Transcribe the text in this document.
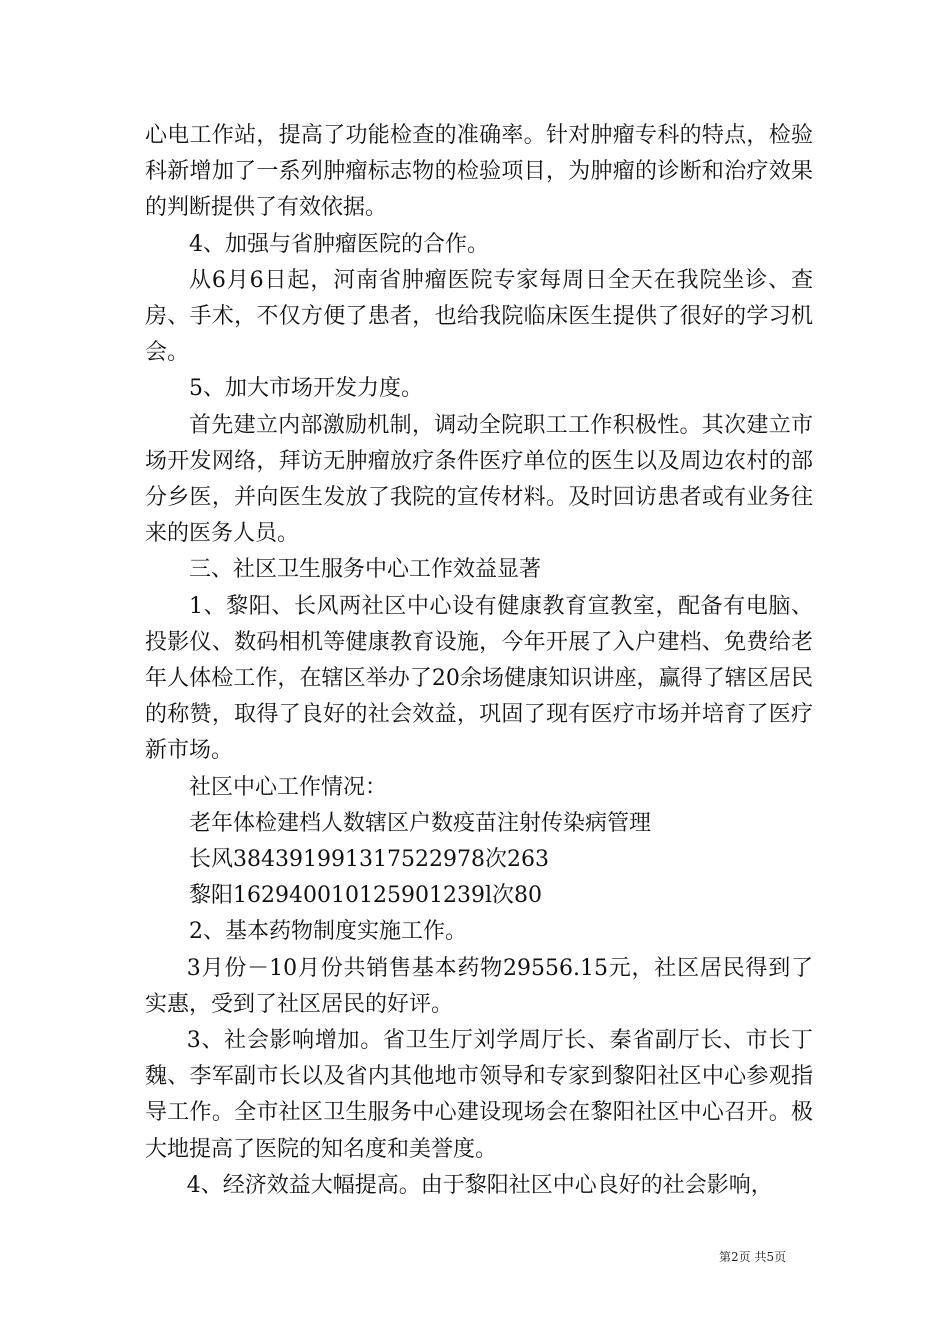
心电工作站，提高了功能检查的准确率。针对肿瘤专科的特点，检验科新增加了一系列肿瘤标志物的检验项目，为肿瘤的诊断和治疗效果的判断提供了有效依据。

4、加强与省肿瘤医院的合作。

从6月6日起，河南省肿瘤医院专家每周日全天在我院坐诊、查房、手术，不仅方便了患者，也给我院临床医生提供了很好的学习机会。

5、加大市场开发力度。

首先建立内部激励机制，调动全院职工工作积极性。其次建立市场开发网络，拜访无肿瘤放疗条件医疗单位的医生以及周边农村的部分乡医，并向医生发放了我院的宣传材料。及时回访患者或有业务往来的医务人员。

三、社区卫生服务中心工作效益显著

1、黎阳、长风两社区中心设有健康教育宣教室，配备有电脑、投影仪、数码相机等健康教育设施，今年开展了入户建档、免费给老年人体检工作，在辖区举办了20余场健康知识讲座，赢得了辖区居民的称赞，取得了良好的社会效益，巩固了现有医疗市场并培育了医疗新市场。

社区中心工作情况：

老年体检建档人数辖区户数疫苗注射传染病管理

长风384391991317522978次263

黎阳162940010125901239l次80

2、基本药物制度实施工作。

3月份－10月份共销售基本药物29556.15元，社区居民得到了实惠，受到了社区居民的好评。

3、社会影响增加。省卫生厅刘学周厅长、秦省副厅长、市长丁魏、李军副市长以及省内其他地市领导和专家到黎阳社区中心参观指导工作。全市社区卫生服务中心建设现场会在黎阳社区中心召开。极大地提高了医院的知名度和美誉度。

4、经济效益大幅提高。由于黎阳社区中心良好的社会影响，

第2页 共5页
